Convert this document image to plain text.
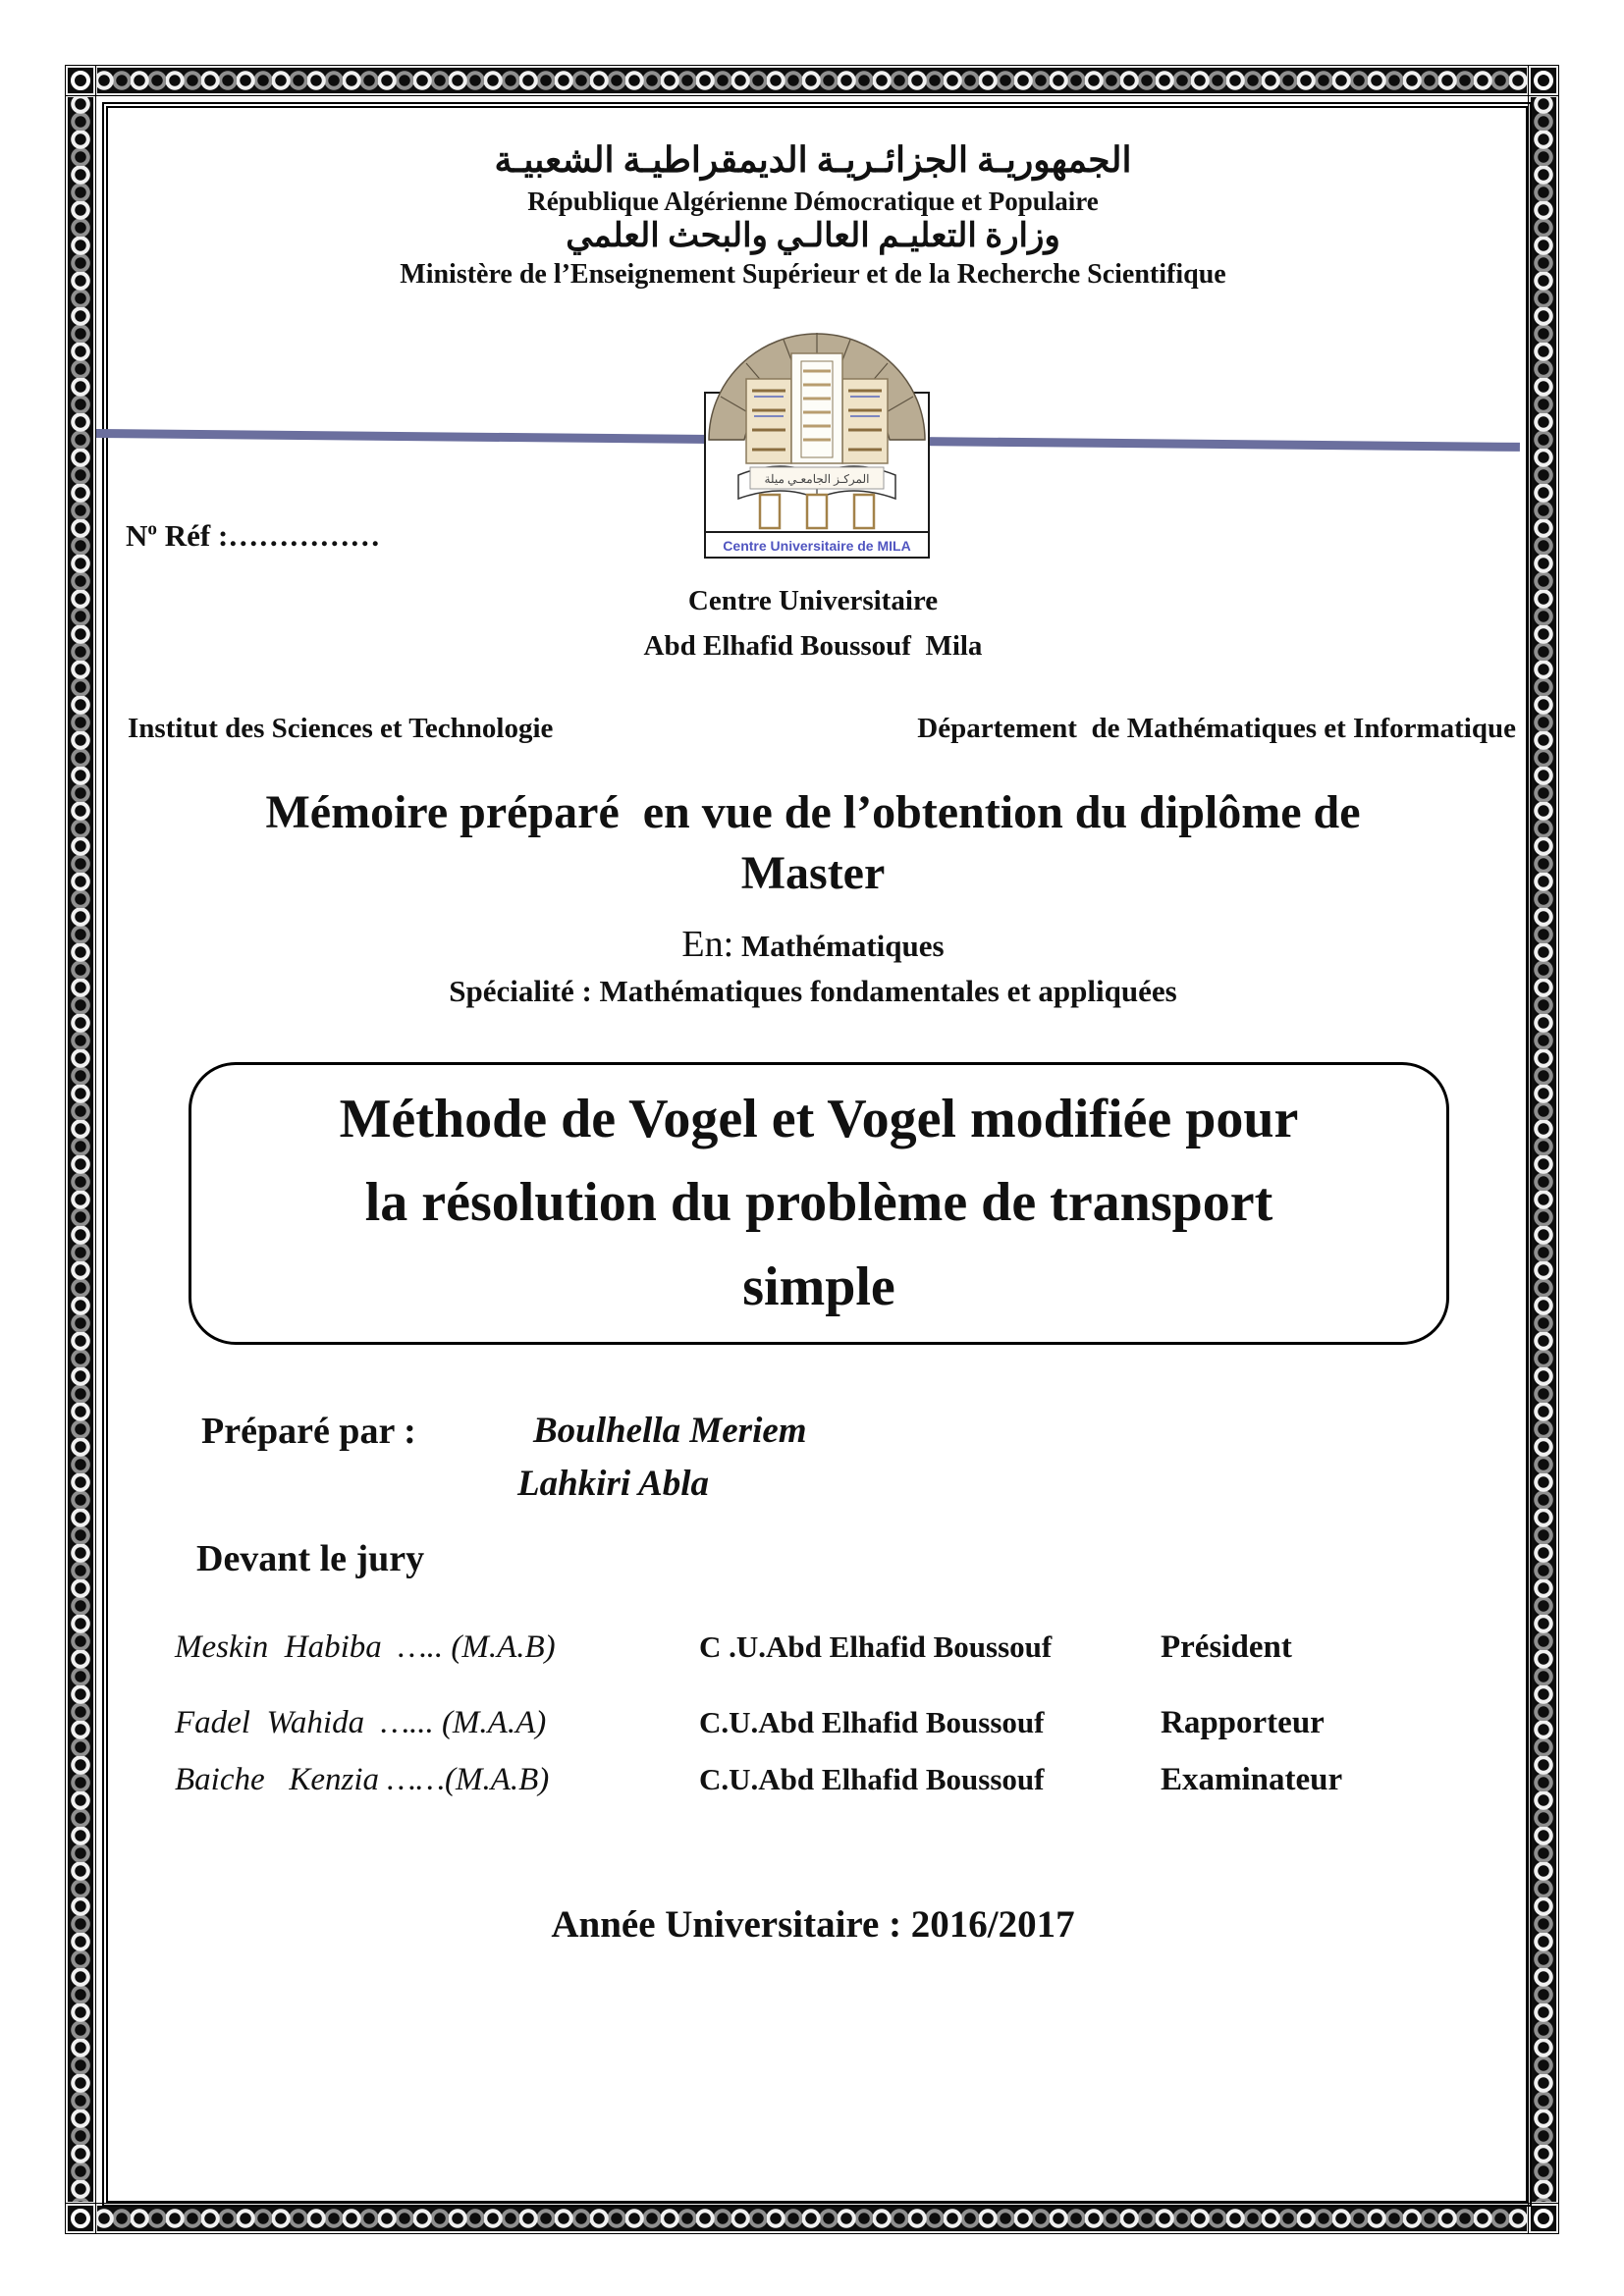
الجمهوريـة الجزائـريـة الديمقراطيـة الشعبيـة
République Algérienne Démocratique et Populaire
وزارة التعليـم العالـي والبحث العلمي
Ministère de l’Enseignement Supérieur et de la Recherche Scientifique
المركـز الجامعـي ميلة
Centre Universitaire de MILA
$N^o$ Réf :……………
Centre Universitaire
Abd Elhafid Boussouf  Mila
Institut des Sciences et Technologie	Département  de Mathématiques et Informatique
Mémoire préparé  en vue de l’obtention du diplôme de
Master
En: Mathématiques
Spécialité : Mathématiques fondamentales et appliquées
Méthode de Vogel et Vogel modifiée pour
la résolution du problème de transport
simple
Préparé par :	Boulhella Meriem
Lahkiri Abla
Devant le jury
Meskin  Habiba  ….. (M.A.B)	C .U.Abd Elhafid Boussouf	Président
Fadel  Wahida  …... (M.A.A)	C.U.Abd Elhafid Boussouf	Rapporteur
Baiche   Kenzia ……(M.A.B)	C.U.Abd Elhafid Boussouf	Examinateur
Année Universitaire : 2016/2017
